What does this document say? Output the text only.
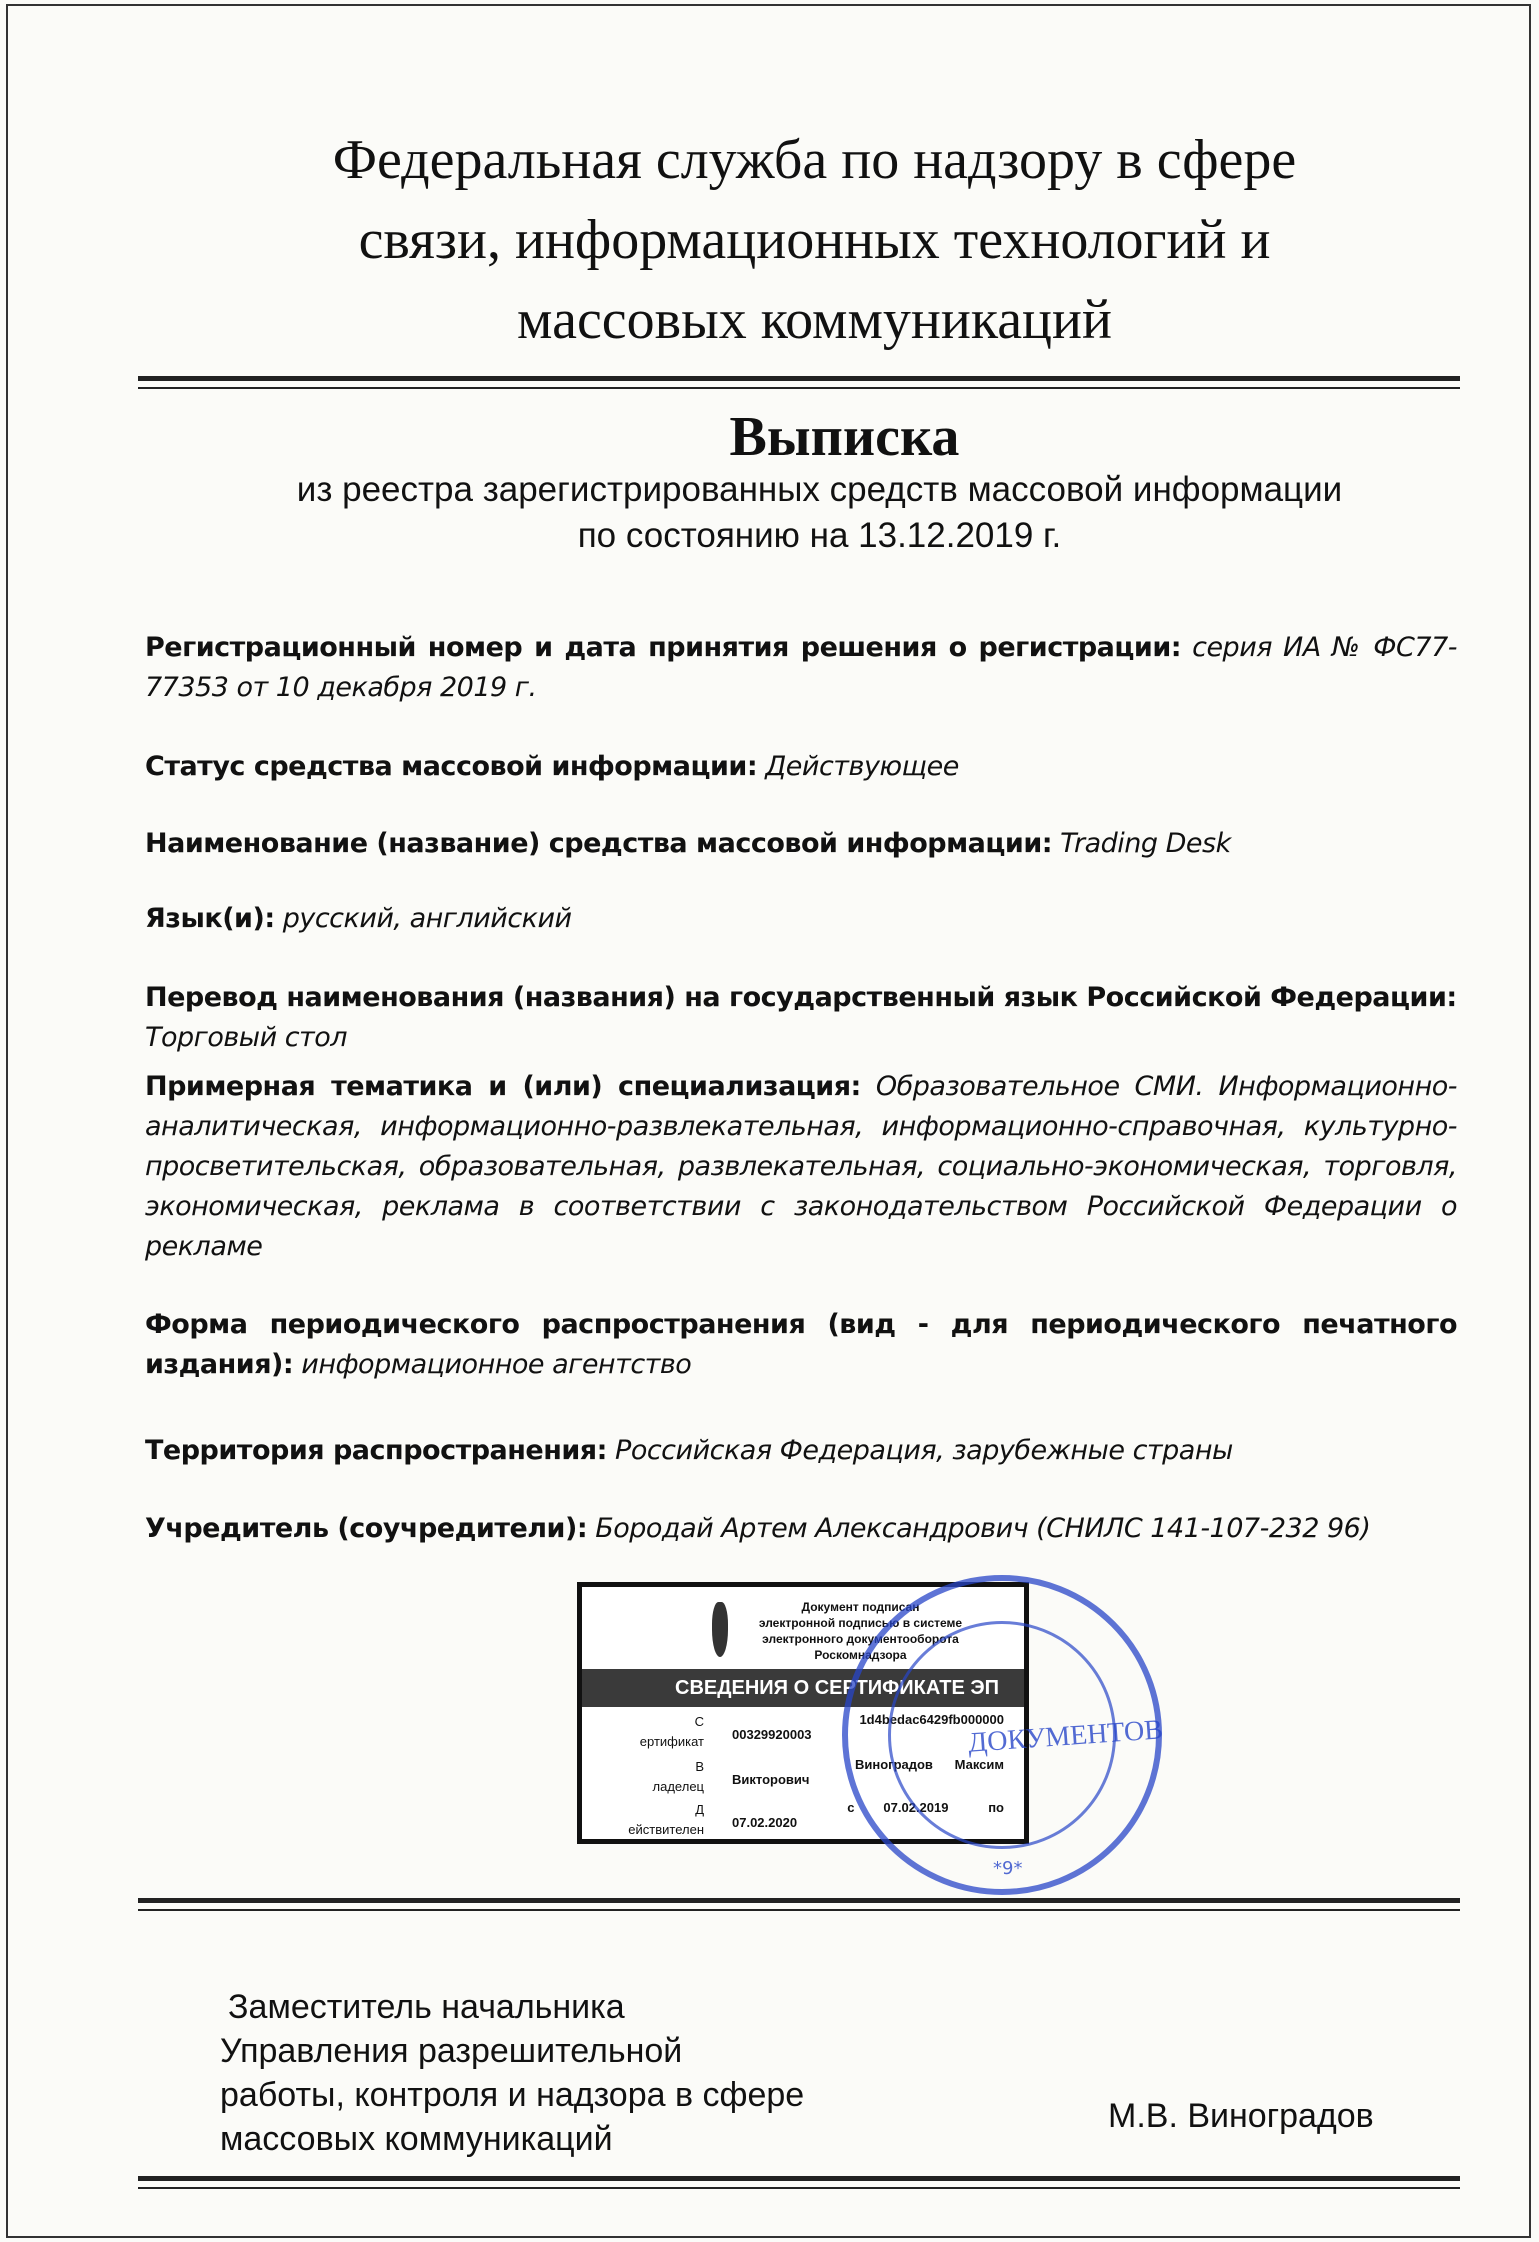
Федеральная служба по надзору в сфере
связи, информационных технологий и
массовых коммуникаций
Выписка
из реестра зарегистрированных средств массовой информации
по состоянию на 13.12.2019 г.
Регистрационный номер и дата принятия решения о регистрации: серия ИА № ФС77-77353 от 10 декабря 2019 г.
Статус средства массовой информации: Действующее
Наименование (название) средства массовой информации: Trading Desk
Язык(и): русский, английский
Перевод наименования (названия) на государственный язык Российской Федерации:
Торговый стол
Примерная тематика и (или) специализация: Образовательное СМИ. Информационно-аналитическая, информационно-развлекательная, информационно-справочная, культурно-просветительская, образовательная, развлекательная, социально-экономическая, торговля, экономическая, реклама в соответствии с законодательством Российской Федерации о рекламе
Форма периодического распространения (вид - для периодического печатного издания): информационное агентство
Территория распространения: Российская Федерация, зарубежные страны
Учредитель (соучредители): Бородай Артем Александрович (СНИЛС 141-107-232 96)
Документ подписан
электронной подписью в системе
электронного документооборота
Роскомнадзора
СВЕДЕНИЯ О СЕРТИФИКАТЕ ЭП
С
ертификат
1d4bedac6429fb000000
00329920003
В
ладелец
Виноградов      Максим
Викторович
Д
ействителен
с        07.02.2019           по
07.02.2020
ДОКУМЕНТОВ
*9*
Заместитель начальника
Управления разрешительной
работы, контроля и надзора в сфере
массовых коммуникаций
М.В. Виноградов
